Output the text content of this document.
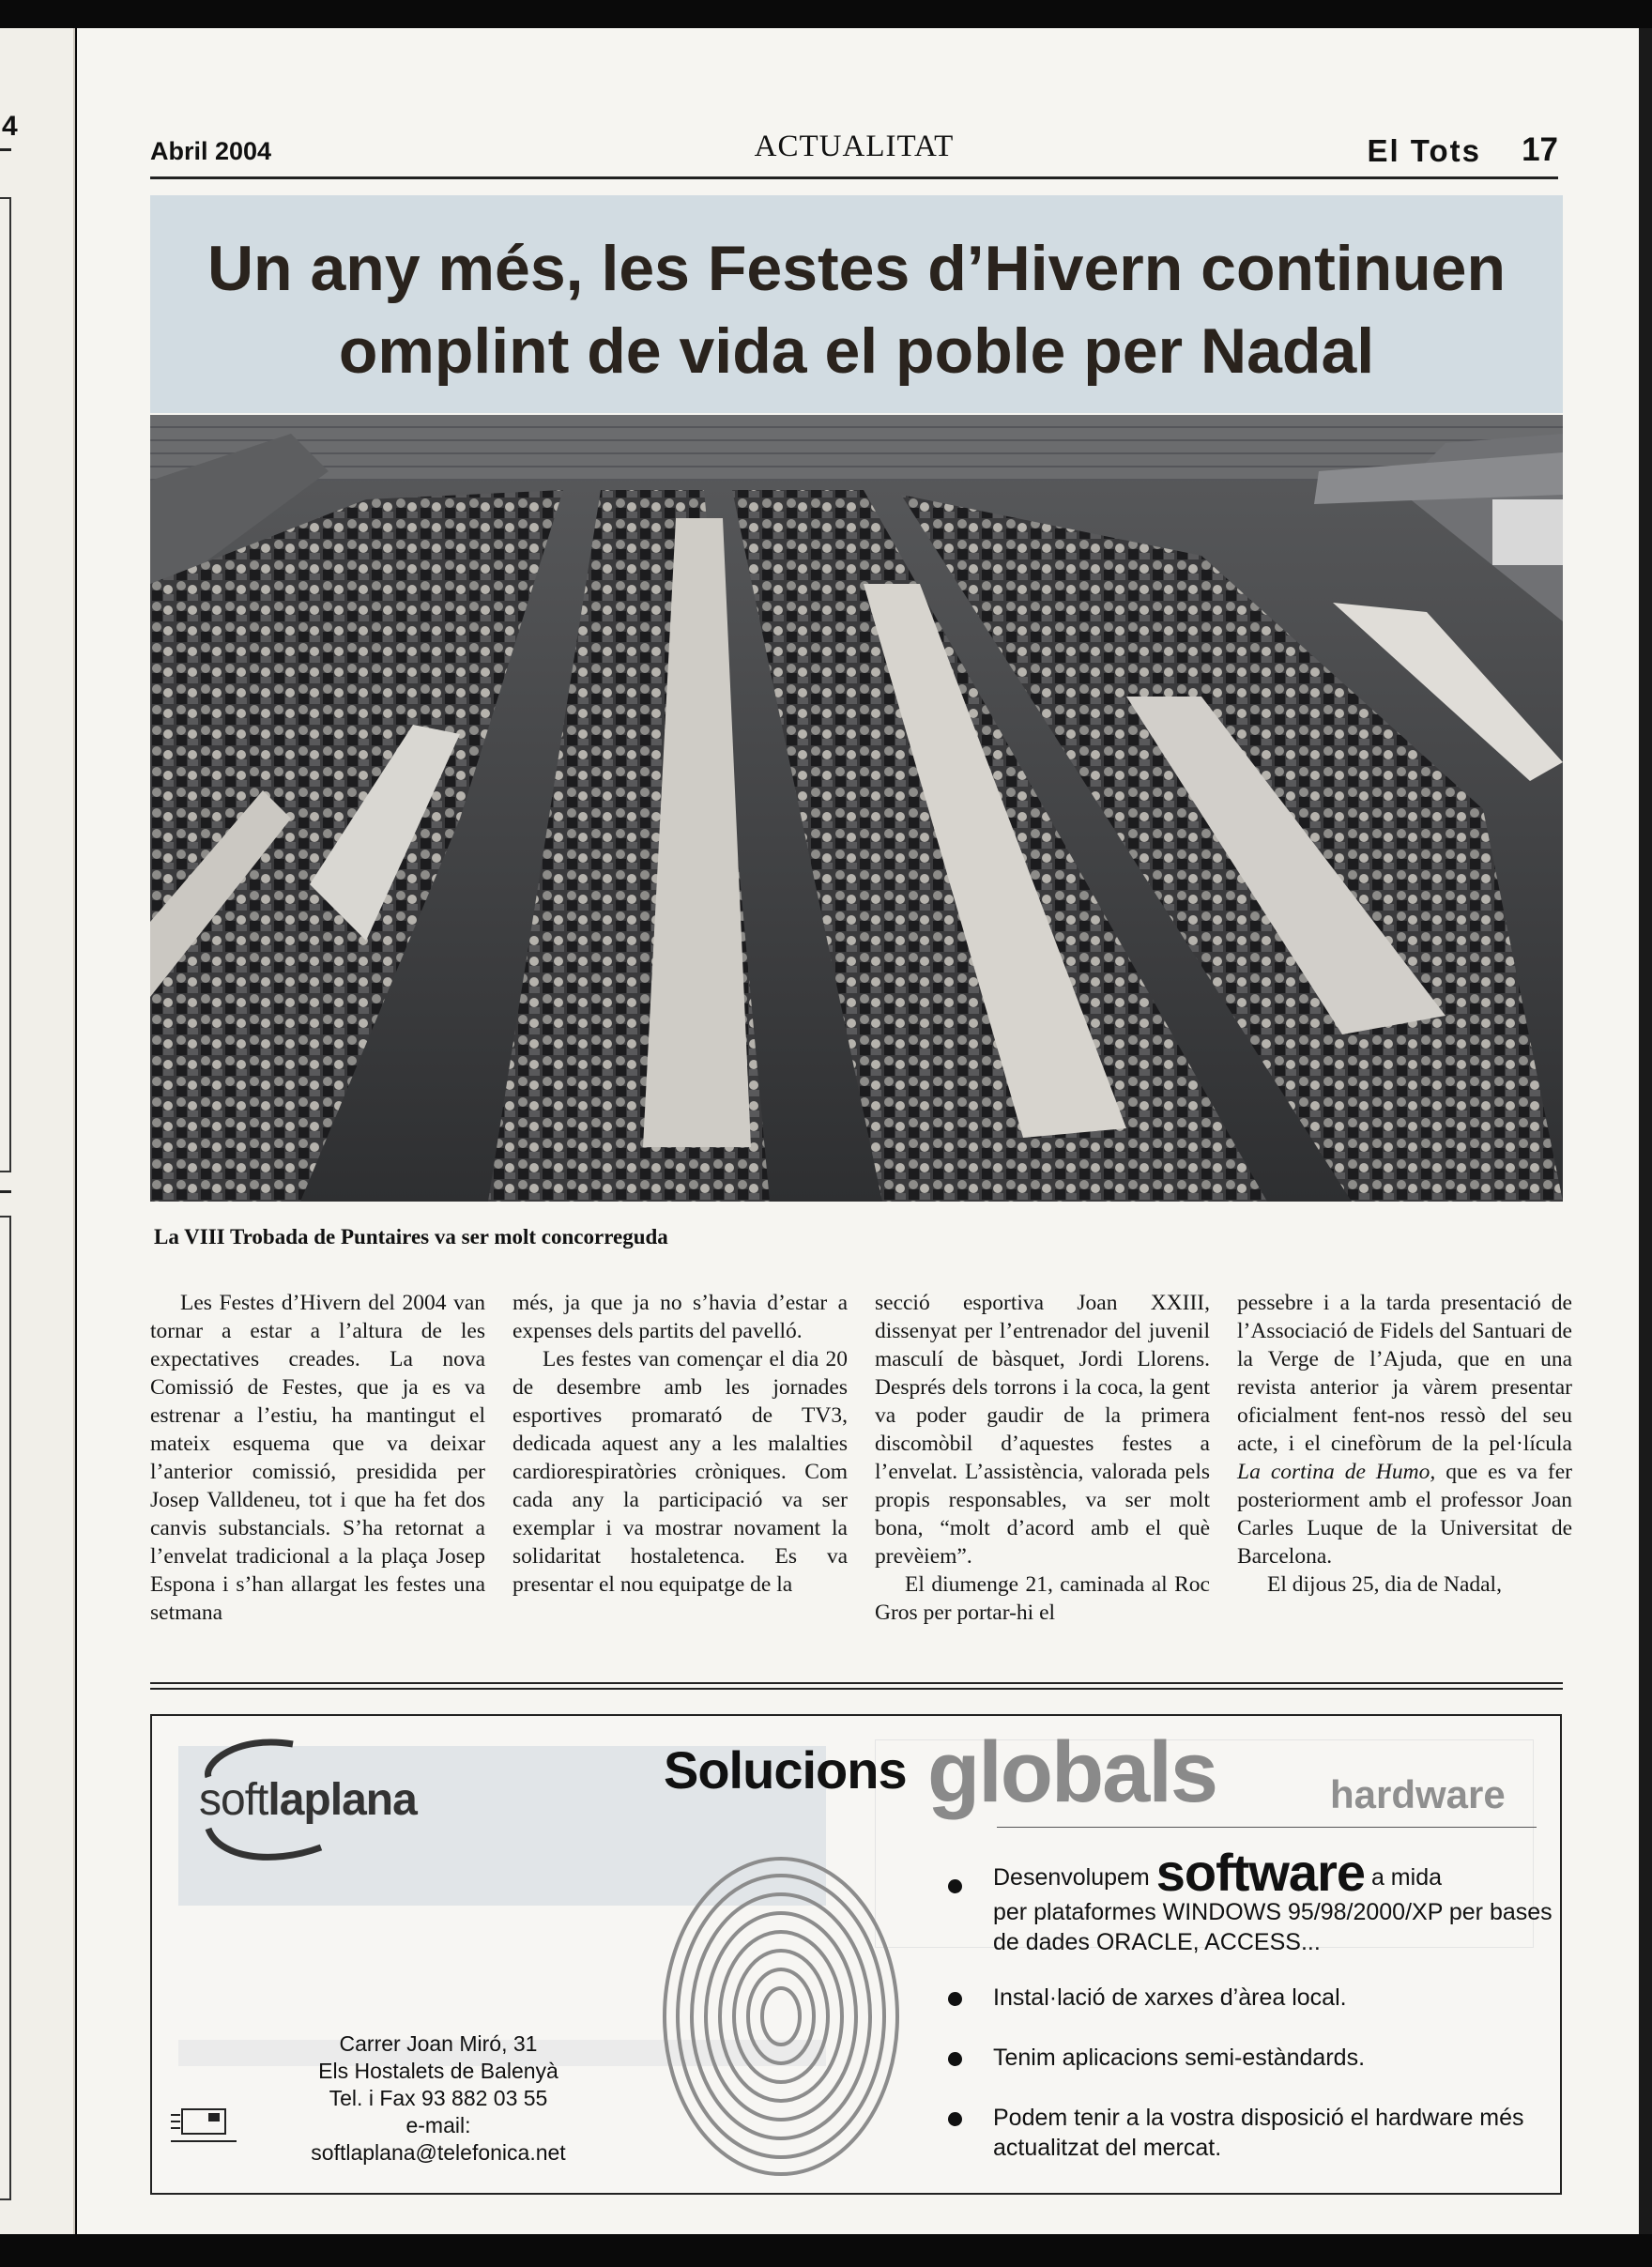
4
Abril 2004	ACTUALITAT	El Tots 17
Un any més, les Festes d’Hivern continuen
omplint de vida el poble per Nadal
La VIII Trobada de Puntaires va ser molt concorreguda

Les Festes d’Hivern del 2004 van tornar a estar a l’altura de les expectatives creades. La nova Comissió de Festes, que ja es va estrenar a l’estiu, ha mantingut el mateix esquema que va deixar l’anterior comissió, presidida per Josep Valldeneu, tot i que ha fet dos canvis substancials. S’ha retornat a l’envelat tradicional a la plaça Josep Espona i s’han allargat les festes una setmana

més, ja que ja no s’havia d’estar a expenses dels partits del pavelló.

Les festes van començar el dia 20 de desembre amb les jornades esportives promarató de TV3, dedicada aquest any a les malalties cardiorespiratòries cròniques. Com cada any la participació va ser exemplar i va mostrar novament la solidaritat hostaletenca. Es va presentar el nou equipatge de la

secció esportiva Joan XXIII, dissenyat per l’entrenador del juvenil masculí de bàsquet, Jordi Llorens. Després dels torrons i la coca, la gent va poder gaudir de la primera discomòbil d’aquestes festes a l’envelat. L’assistència, valorada pels propis responsables, va ser molt bona, “molt d’acord amb el què prevèiem”.

El diumenge 21, caminada al Roc Gros per portar-hi el

pessebre i a la tarda presentació de l’Associació de Fidels del Santuari de la Verge de l’Ajuda, que en una revista anterior ja vàrem presentar oficialment fent-nos ressò del seu acte, i el cinefòrum de la pel·lícula La cortina de Humo, que es va fer posteriorment amb el professor Joan Carles Luque de la Universitat de Barcelona.

El dijous 25, dia de Nadal,

softlaplana
Carrer Joan Miró, 31
Els Hostalets de Balenyà
Tel. i Fax 93 882 03 55
e-mail:
softlaplana@telefonica.net
Solucions globals	hardware
Desenvolupem software a mida
per plataformes WINDOWS 95/98/2000/XP per bases de dades ORACLE, ACCESS...
Instal·lació de xarxes d’àrea local.
Tenim aplicacions semi-estàndards.
Podem tenir a la vostra disposició el hardware més actualitzat del mercat.
